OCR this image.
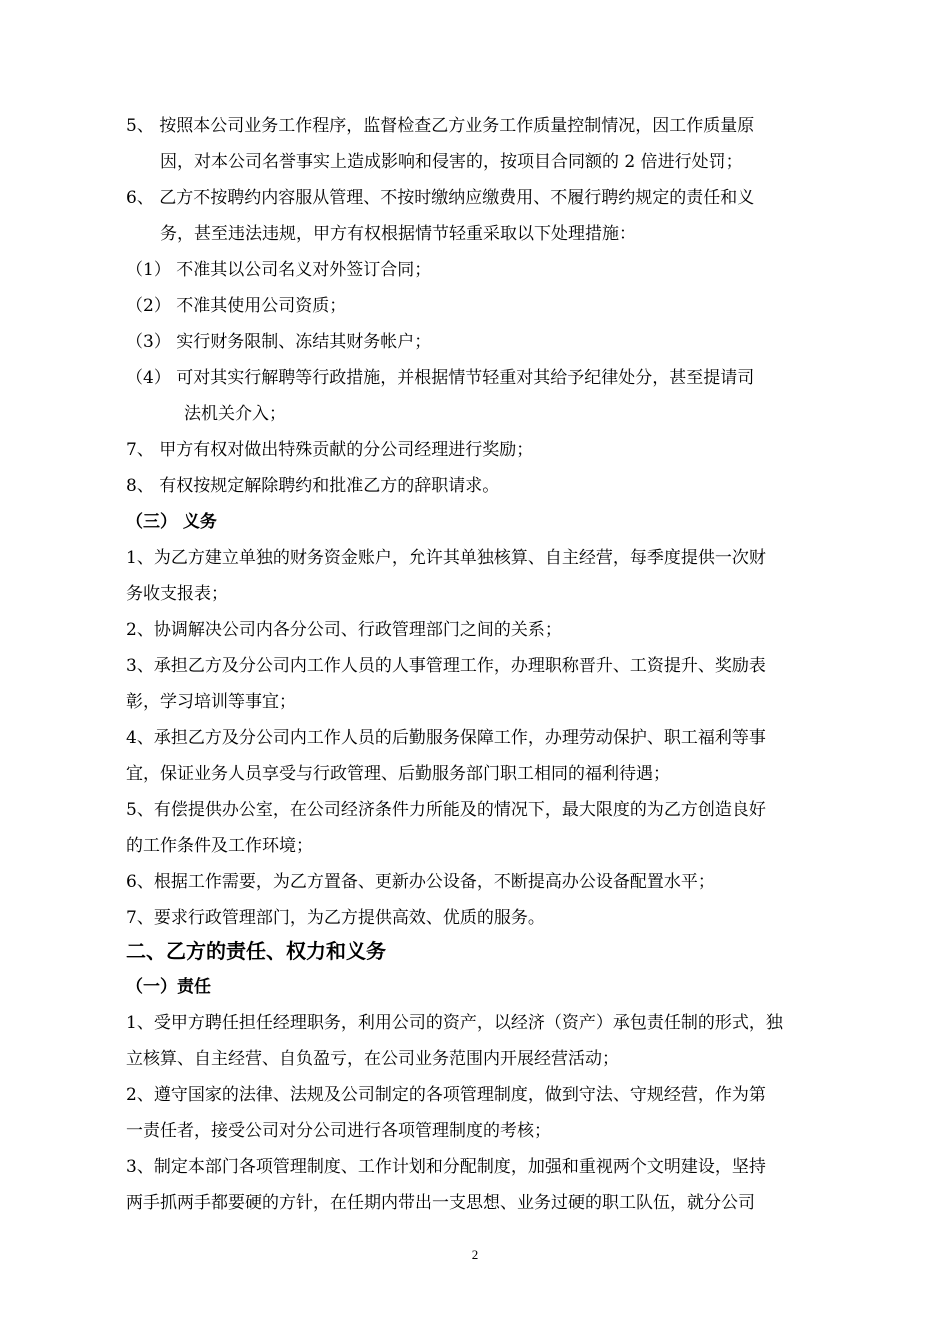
5、 按照本公司业务工作程序，监督检查乙方业务工作质量控制情况，因工作质量原
因，对本公司名誉事实上造成影响和侵害的，按项目合同额的 2 倍进行处罚；
6、 乙方不按聘约内容服从管理、不按时缴纳应缴费用、不履行聘约规定的责任和义
务，甚至违法违规，甲方有权根据情节轻重采取以下处理措施：
（1） 不准其以公司名义对外签订合同；
（2） 不准其使用公司资质；
（3） 实行财务限制、冻结其财务帐户；
（4） 可对其实行解聘等行政措施，并根据情节轻重对其给予纪律处分，甚至提请司
法机关介入；
7、 甲方有权对做出特殊贡献的分公司经理进行奖励；
8、 有权按规定解除聘约和批准乙方的辞职请求。
（三） 义务
1、为乙方建立单独的财务资金账户，允许其单独核算、自主经营，每季度提供一次财
务收支报表；
2、协调解决公司内各分公司、行政管理部门之间的关系；
3、承担乙方及分公司内工作人员的人事管理工作，办理职称晋升、工资提升、奖励表
彰，学习培训等事宜；
4、承担乙方及分公司内工作人员的后勤服务保障工作，办理劳动保护、职工福利等事
宜，保证业务人员享受与行政管理、后勤服务部门职工相同的福利待遇；
5、有偿提供办公室，在公司经济条件力所能及的情况下，最大限度的为乙方创造良好
的工作条件及工作环境；
6、根据工作需要，为乙方置备、更新办公设备，不断提高办公设备配置水平；
7、要求行政管理部门，为乙方提供高效、优质的服务。
二、乙方的责任、权力和义务
（一）责任
1、受甲方聘任担任经理职务，利用公司的资产，以经济（资产）承包责任制的形式，独
立核算、自主经营、自负盈亏，在公司业务范围内开展经营活动；
2、遵守国家的法律、法规及公司制定的各项管理制度，做到守法、守规经营，作为第
一责任者，接受公司对分公司进行各项管理制度的考核；
3、制定本部门各项管理制度、工作计划和分配制度，加强和重视两个文明建设，坚持
两手抓两手都要硬的方针，在任期内带出一支思想、业务过硬的职工队伍，就分公司
2
